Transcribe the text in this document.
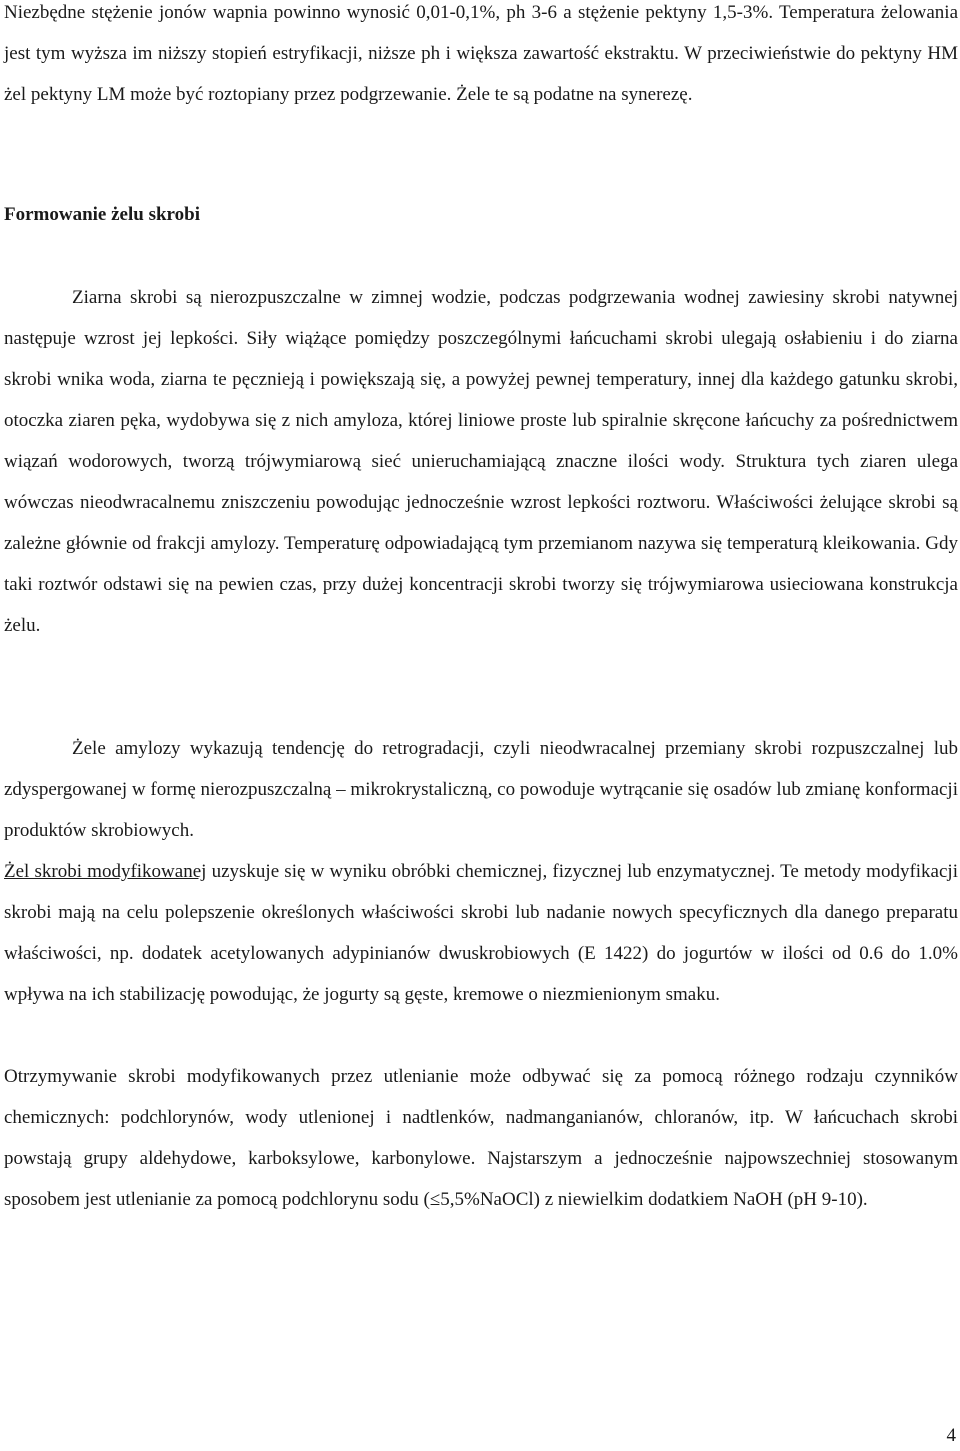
Niezbędne stężenie jonów wapnia powinno wynosić 0,01-0,1%, ph 3-6 a stężenie pektyny 1,5-3%. Temperatura żelowania jest tym wyższa im niższy stopień estryfikacji, niższe ph i większa zawartość ekstraktu. W przeciwieństwie do pektyny HM żel pektyny LM może być roztopiany przez podgrzewanie. Żele te są podatne na synerezę.

Formowanie żelu skrobi

Ziarna skrobi są nierozpuszczalne w zimnej wodzie, podczas podgrzewania wodnej zawiesiny skrobi natywnej następuje wzrost jej lepkości. Siły wiążące pomiędzy poszczególnymi łańcuchami skrobi ulegają osłabieniu i do ziarna skrobi wnika woda, ziarna te pęcznieją i powiększają się, a powyżej pewnej temperatury, innej dla każdego gatunku skrobi, otoczka ziaren pęka, wydobywa się z nich amyloza, której liniowe proste lub spiralnie skręcone łańcuchy za pośrednictwem wiązań wodorowych, tworzą trójwymiarową sieć unieruchamiającą znaczne ilości wody. Struktura tych ziaren ulega wówczas nieodwracalnemu zniszczeniu powodując jednocześnie wzrost lepkości roztworu. Właściwości żelujące skrobi są zależne głównie od frakcji amylozy. Temperaturę odpowiadającą tym przemianom nazywa się temperaturą kleikowania. Gdy taki roztwór odstawi się na pewien czas, przy dużej koncentracji skrobi tworzy się trójwymiarowa usieciowana konstrukcja żelu.

Żele amylozy wykazują tendencję do retrogradacji, czyli nieodwracalnej przemiany skrobi rozpuszczalnej lub zdyspergowanej w formę nierozpuszczalną – mikrokrystaliczną, co powoduje wytrącanie się osadów lub zmianę konformacji produktów skrobiowych.

Żel skrobi modyfikowanej uzyskuje się w wyniku obróbki chemicznej, fizycznej lub enzymatycznej. Te metody modyfikacji skrobi mają na celu polepszenie określonych właściwości skrobi lub nadanie nowych specyficznych dla danego preparatu właściwości, np. dodatek acetylowanych adypinianów dwuskrobiowych (E 1422) do jogurtów w ilości od 0.6 do 1.0% wpływa na ich stabilizację powodując, że jogurty są gęste, kremowe o niezmienionym smaku.

Otrzymywanie skrobi modyfikowanych przez utlenianie może odbywać się za pomocą różnego rodzaju czynników chemicznych: podchlorynów, wody utlenionej i nadtlenków, nadmanganianów, chloranów, itp. W łańcuchach skrobi powstają grupy aldehydowe, karboksylowe, karbonylowe. Najstarszym a jednocześnie najpowszechniej stosowanym sposobem jest utlenianie za pomocą podchlorynu sodu (≤5,5%NaOCl) z niewielkim dodatkiem NaOH (pH 9-10).

4
